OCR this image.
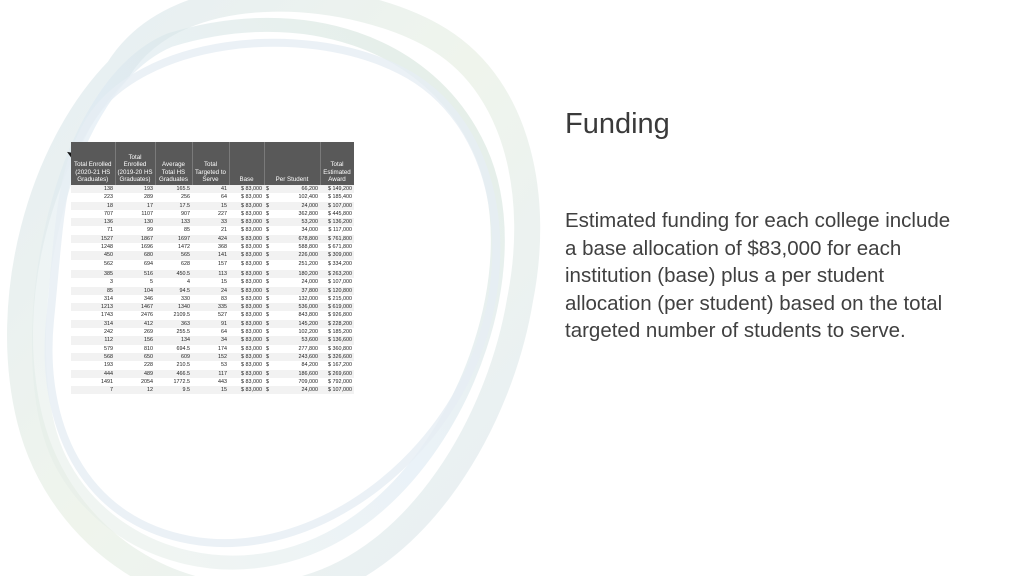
Total Enrolled (2020-21 HS Graduates)	Total Enrolled (2019-20 HS Graduates)	Average Total HS Graduates	Total Targeted to Serve	Base	Per Student	Total Estimated Award
138	193	165.5	41	$ 83,000	$ 66,200	$ 149,200
223	289	256	64	$ 83,000	$ 102,400	$ 185,400
18	17	17.5	15	$ 83,000	$ 24,000	$ 107,000
707	1107	907	227	$ 83,000	$ 362,800	$ 445,800
136	130	133	33	$ 83,000	$ 53,200	$ 136,200
71	99	85	21	$ 83,000	$ 34,000	$ 117,000
1527	1867	1697	424	$ 83,000	$ 678,800	$ 761,800
1248	1696	1472	368	$ 83,000	$ 588,800	$ 671,800
450	680	565	141	$ 83,000	$ 226,000	$ 309,000
562	694	628	157	$ 83,000	$ 251,200	$ 334,200
385	516	450.5	113	$ 83,000	$ 180,200	$ 263,200
3	5	4	15	$ 83,000	$ 24,000	$ 107,000
85	104	94.5	24	$ 83,000	$ 37,800	$ 120,800
314	346	330	83	$ 83,000	$ 132,000	$ 215,000
1213	1467	1340	335	$ 83,000	$ 536,000	$ 619,000
1743	2476	2109.5	527	$ 83,000	$ 843,800	$ 926,800
314	412	363	91	$ 83,000	$ 145,200	$ 228,200
242	269	255.5	64	$ 83,000	$ 102,200	$ 185,200
112	156	134	34	$ 83,000	$ 53,600	$ 136,600
579	810	694.5	174	$ 83,000	$ 277,800	$ 360,800
568	650	609	152	$ 83,000	$ 243,600	$ 326,600
193	228	210.5	53	$ 83,000	$ 84,200	$ 167,200
444	489	466.5	117	$ 83,000	$ 186,600	$ 269,600
1491	2054	1772.5	443	$ 83,000	$ 709,000	$ 792,000
7	12	9.5	15	$ 83,000	$ 24,000	$ 107,000
Funding

Estimated funding for each college include a base allocation of $83,000 for each institution (base) plus a per student allocation (per student) based on the total targeted number of students to serve.
